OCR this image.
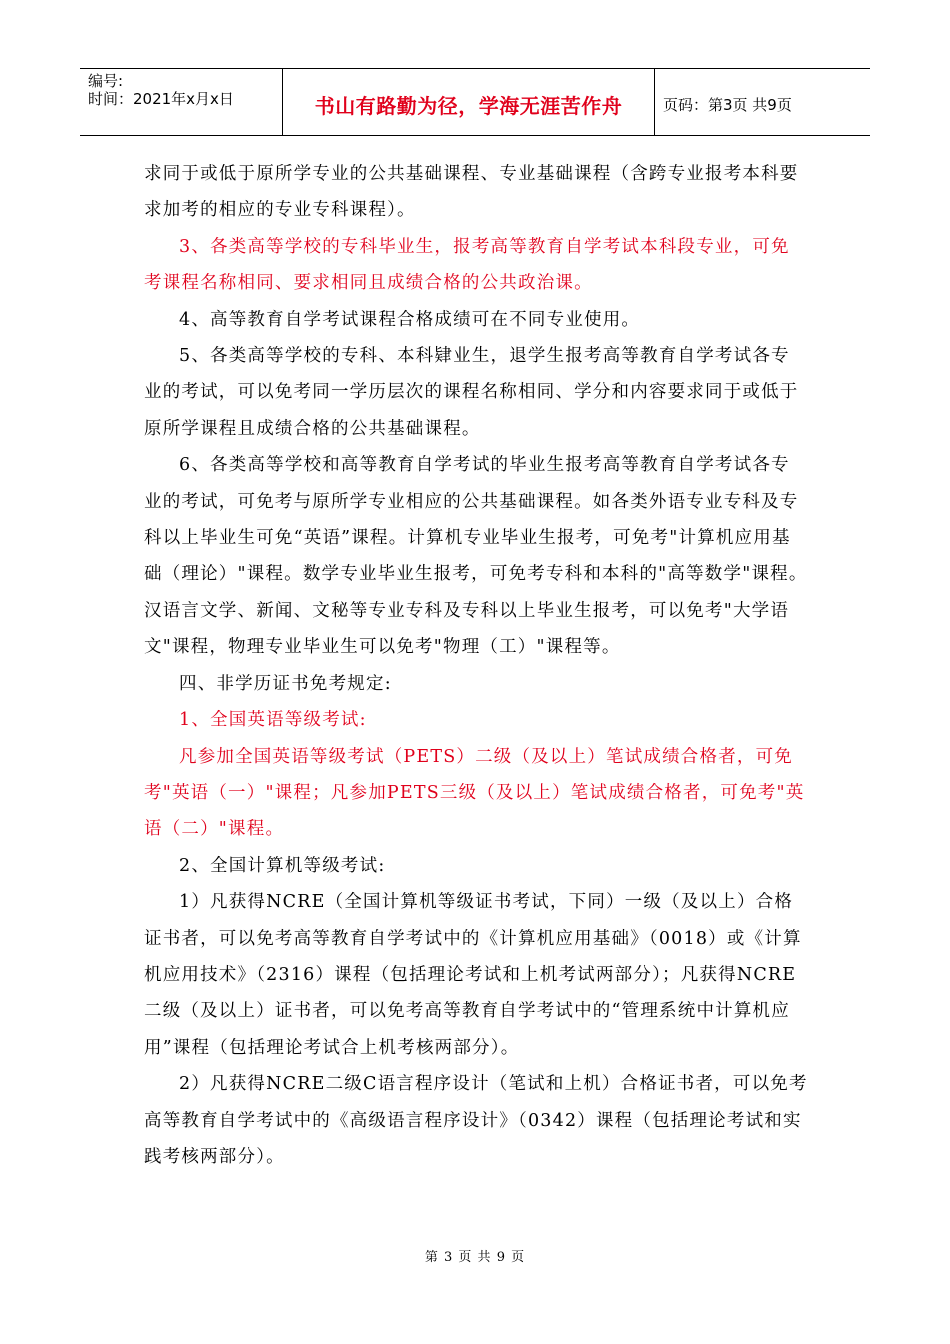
编号:
时间：2021年x月x日	书山有路勤为径，学海无涯苦作舟	页码：第3页 共9页

求同于或低于原所学专业的公共基础课程、专业基础课程（含跨专业报考本科要求加考的相应的专业专科课程）。

3、各类高等学校的专科毕业生，报考高等教育自学考试本科段专业，可免考课程名称相同、要求相同且成绩合格的公共政治课。

4、高等教育自学考试课程合格成绩可在不同专业使用。

5、各类高等学校的专科、本科肄业生，退学生报考高等教育自学考试各专业的考试，可以免考同一学历层次的课程名称相同、学分和内容要求同于或低于原所学课程且成绩合格的公共基础课程。

6、各类高等学校和高等教育自学考试的毕业生报考高等教育自学考试各专业的考试，可免考与原所学专业相应的公共基础课程。如各类外语专业专科及专科以上毕业生可免“英语”课程。计算机专业毕业生报考，可免考"计算机应用基础（理论）"课程。数学专业毕业生报考，可免考专科和本科的"高等数学"课程。汉语言文学、新闻、文秘等专业专科及专科以上毕业生报考，可以免考"大学语文"课程，物理专业毕业生可以免考"物理（工）"课程等。

四、非学历证书免考规定:

1、全国英语等级考试:

凡参加全国英语等级考试（PETS）二级（及以上）笔试成绩合格者，可免考"英语（一）"课程；凡参加PETS三级（及以上）笔试成绩合格者，可免考"英语（二）"课程。

2、全国计算机等级考试:

1）凡获得NCRE（全国计算机等级证书考试，下同）一级（及以上）合格证书者，可以免考高等教育自学考试中的《计算机应用基础》（0018）或《计算机应用技术》（2316）课程（包括理论考试和上机考试两部分）；凡获得NCRE二级（及以上）证书者，可以免考高等教育自学考试中的“管理系统中计算机应用”课程（包括理论考试合上机考核两部分）。

2）凡获得NCRE二级C语言程序设计（笔试和上机）合格证书者，可以免考高等教育自学考试中的《高级语言程序设计》（0342）课程（包括理论考试和实践考核两部分）。

第 3 页 共 9 页
